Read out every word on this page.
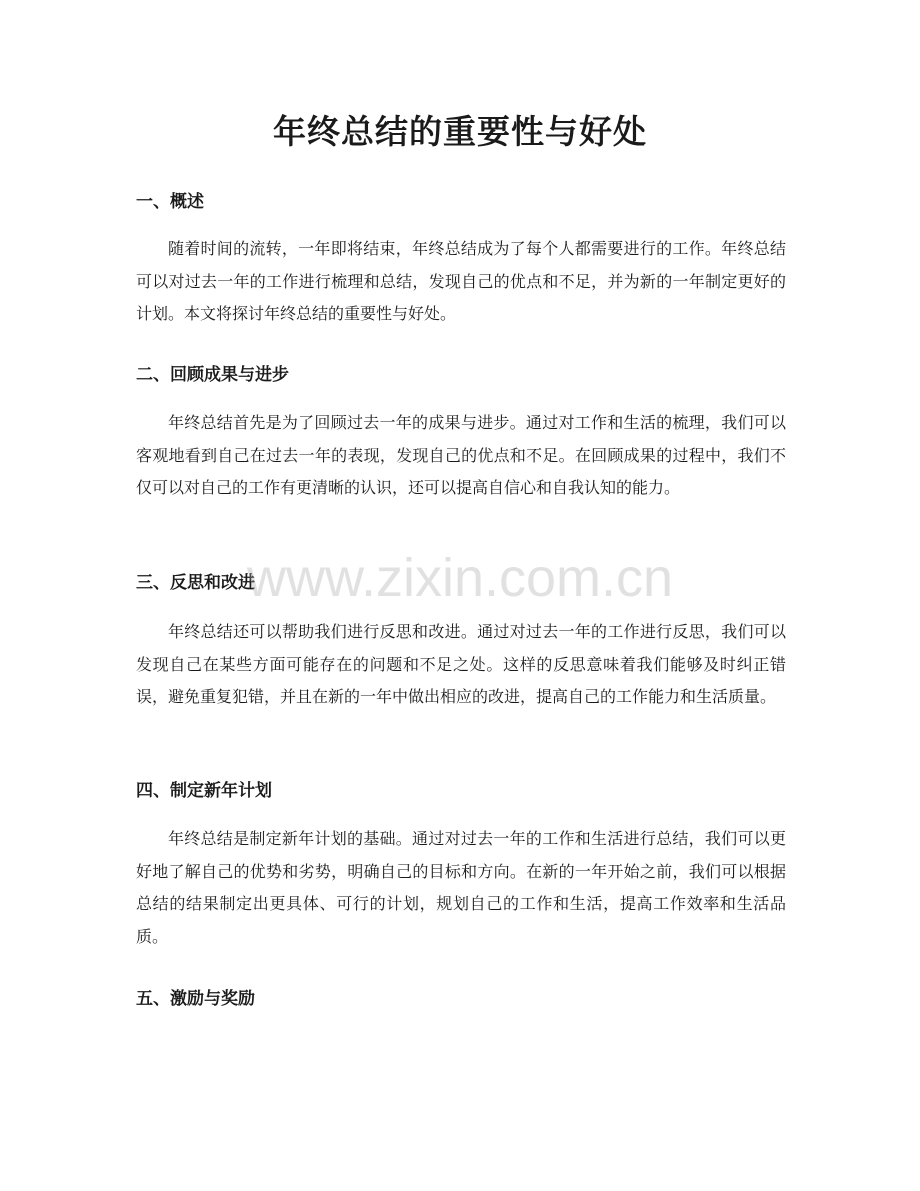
年终总结的重要性与好处
一、概述

随着时间的流转，一年即将结束，年终总结成为了每个人都需要进行的工作。年终总结可以对过去一年的工作进行梳理和总结，发现自己的优点和不足，并为新的一年制定更好的计划。本文将探讨年终总结的重要性与好处。

二、回顾成果与进步

年终总结首先是为了回顾过去一年的成果与进步。通过对工作和生活的梳理，我们可以客观地看到自己在过去一年的表现，发现自己的优点和不足。在回顾成果的过程中，我们不仅可以对自己的工作有更清晰的认识，还可以提高自信心和自我认知的能力。

三、反思和改进

年终总结还可以帮助我们进行反思和改进。通过对过去一年的工作进行反思，我们可以发现自己在某些方面可能存在的问题和不足之处。这样的反思意味着我们能够及时纠正错误，避免重复犯错，并且在新的一年中做出相应的改进，提高自己的工作能力和生活质量。

四、制定新年计划

年终总结是制定新年计划的基础。通过对过去一年的工作和生活进行总结，我们可以更好地了解自己的优势和劣势，明确自己的目标和方向。在新的一年开始之前，我们可以根据总结的结果制定出更具体、可行的计划，规划自己的工作和生活，提高工作效率和生活品质。

五、激励与奖励
www.zixin.com.cn
